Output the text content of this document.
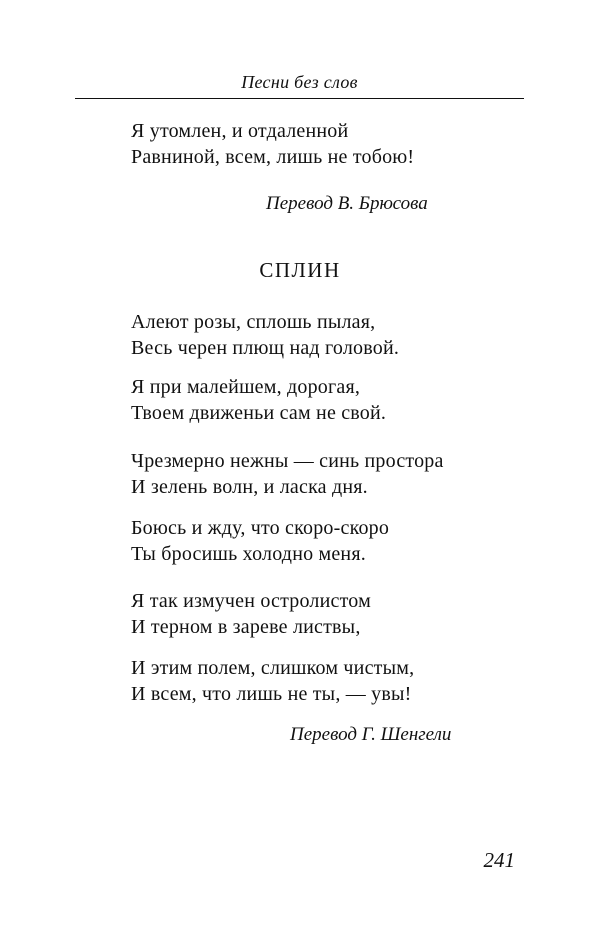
Песни без слов
Я утомлен, и отдаленной
Равниной, всем, лишь не тобою!
Перевод В. Брюсова
СПЛИН
Алеют розы, сплошь пылая,
Весь черен плющ над головой.
Я при малейшем, дорогая,
Твоем движеньи сам не свой.
Чрезмерно нежны — синь простора
И зелень волн, и ласка дня.
Боюсь и жду, что скоро-скоро
Ты бросишь холодно меня.
Я так измучен остролистом
И терном в зареве листвы,
И этим полем, слишком чистым,
И всем, что лишь не ты, — увы!
Перевод Г. Шенгели
241
